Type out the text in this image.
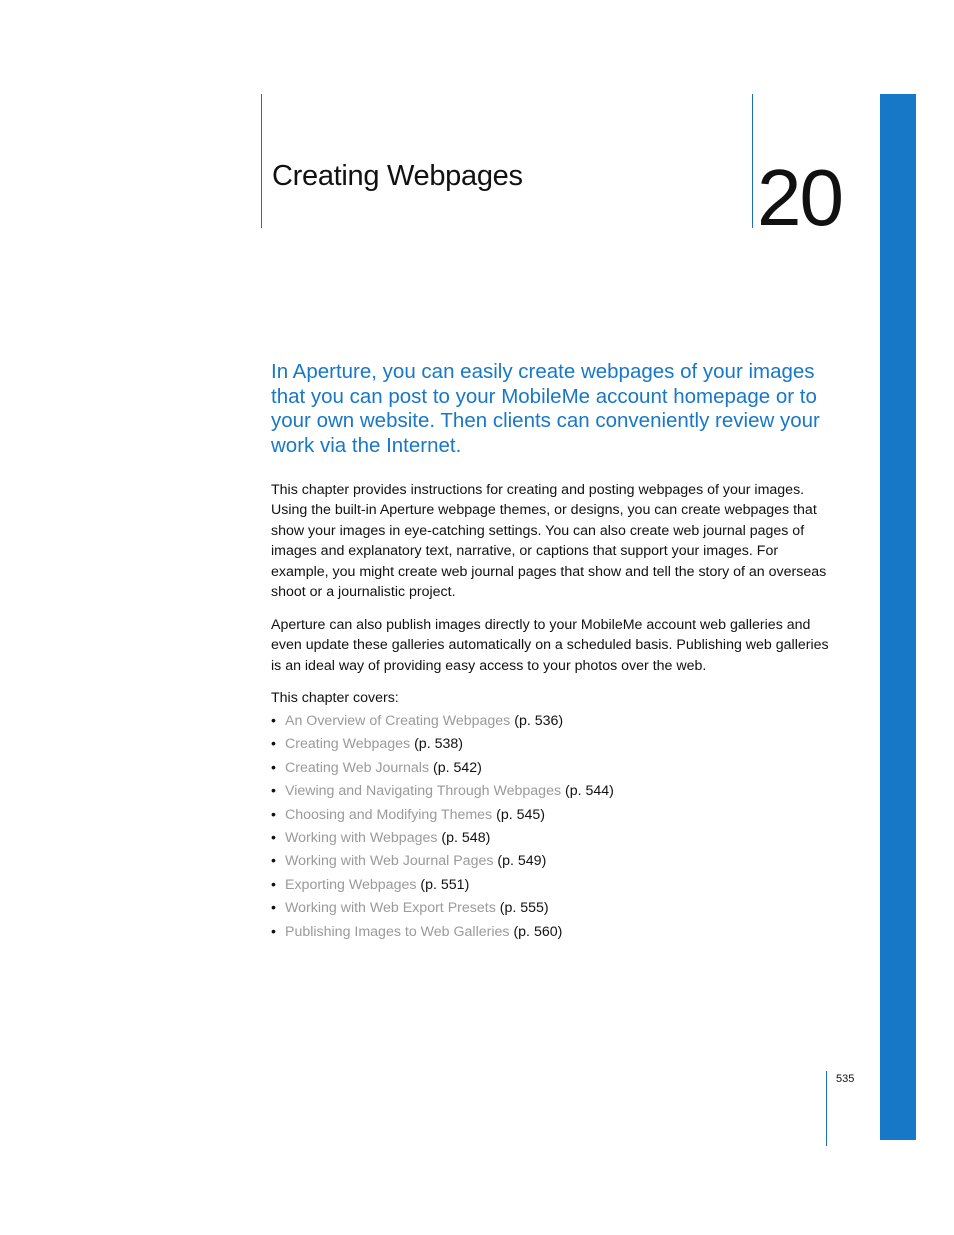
Creating Webpages	20

In Aperture, you can easily create webpages of your images that you can post to your MobileMe account homepage or to your own website. Then clients can conveniently review your work via the Internet.

This chapter provides instructions for creating and posting webpages of your images. Using the built-in Aperture webpage themes, or designs, you can create webpages that show your images in eye-catching settings. You can also create web journal pages of images and explanatory text, narrative, or captions that support your images. For example, you might create web journal pages that show and tell the story of an overseas shoot or a journalistic project.

Aperture can also publish images directly to your MobileMe account web galleries and even update these galleries automatically on a scheduled basis. Publishing web galleries is an ideal way of providing easy access to your photos over the web.

This chapter covers:

• An Overview of Creating Webpages (p. 536)
• Creating Webpages (p. 538)
• Creating Web Journals (p. 542)
• Viewing and Navigating Through Webpages (p. 544)
• Choosing and Modifying Themes (p. 545)
• Working with Webpages (p. 548)
• Working with Web Journal Pages (p. 549)
• Exporting Webpages (p. 551)
• Working with Web Export Presets (p. 555)
• Publishing Images to Web Galleries (p. 560)
535
